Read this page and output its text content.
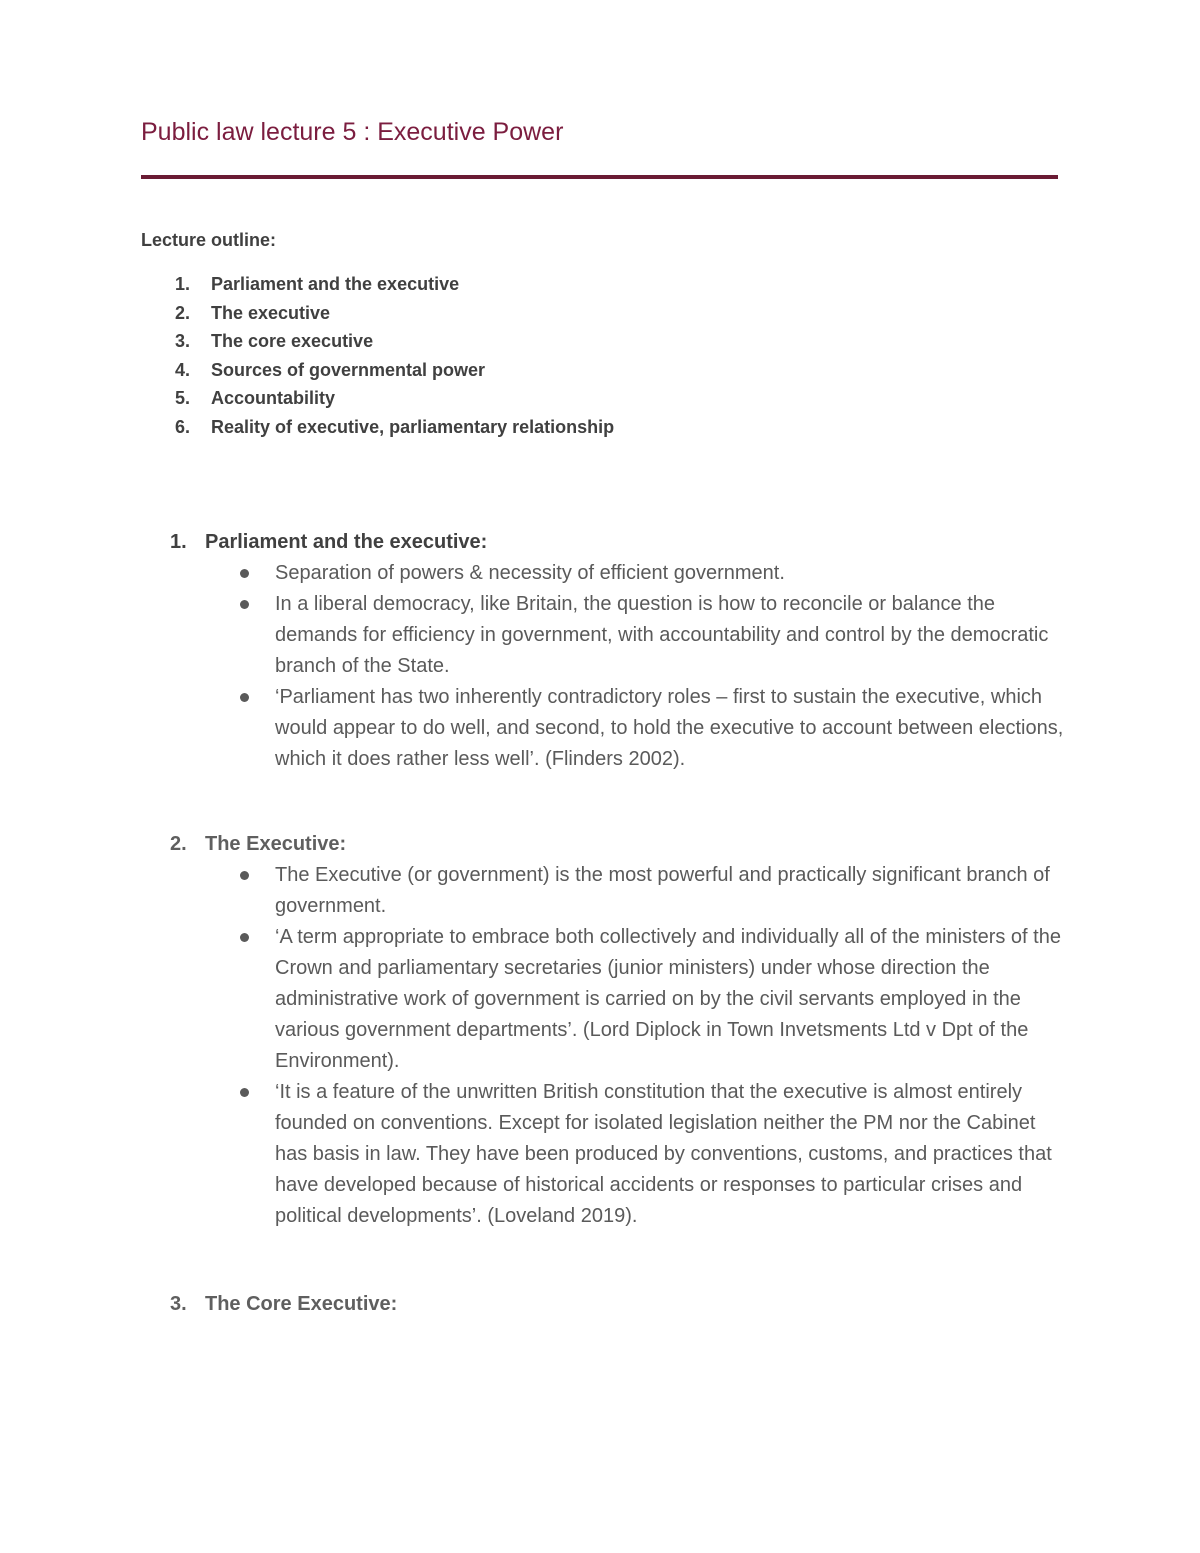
Public law lecture 5 : Executive Power
Lecture outline:
1. Parliament and the executive
2. The executive
3. The core executive
4. Sources of governmental power
5. Accountability
6. Reality of executive, parliamentary relationship
1. Parliament and the executive:
Separation of powers & necessity of efficient government.
In a liberal democracy, like Britain, the question is how to reconcile or balance the demands for efficiency in government, with accountability and control by the democratic branch of the State.
‘Parliament has two inherently contradictory roles – first to sustain the executive, which would appear to do well, and second, to hold the executive to account between elections, which it does rather less well’. (Flinders 2002).
2. The Executive:
The Executive (or government) is the most powerful and practically significant branch of government.
‘A term appropriate to embrace both collectively and individually all of the ministers of the Crown and parliamentary secretaries (junior ministers) under whose direction the administrative work of government is carried on by the civil servants employed in the various government departments’. (Lord Diplock in Town Invetsments Ltd v Dpt of the Environment).
‘It is a feature of the unwritten British constitution that the executive is almost entirely founded on conventions. Except for isolated legislation neither the PM nor the Cabinet has basis in law. They have been produced by conventions, customs, and practices that have developed because of historical accidents or responses to particular crises and political developments’. (Loveland 2019).
3. The Core Executive:
